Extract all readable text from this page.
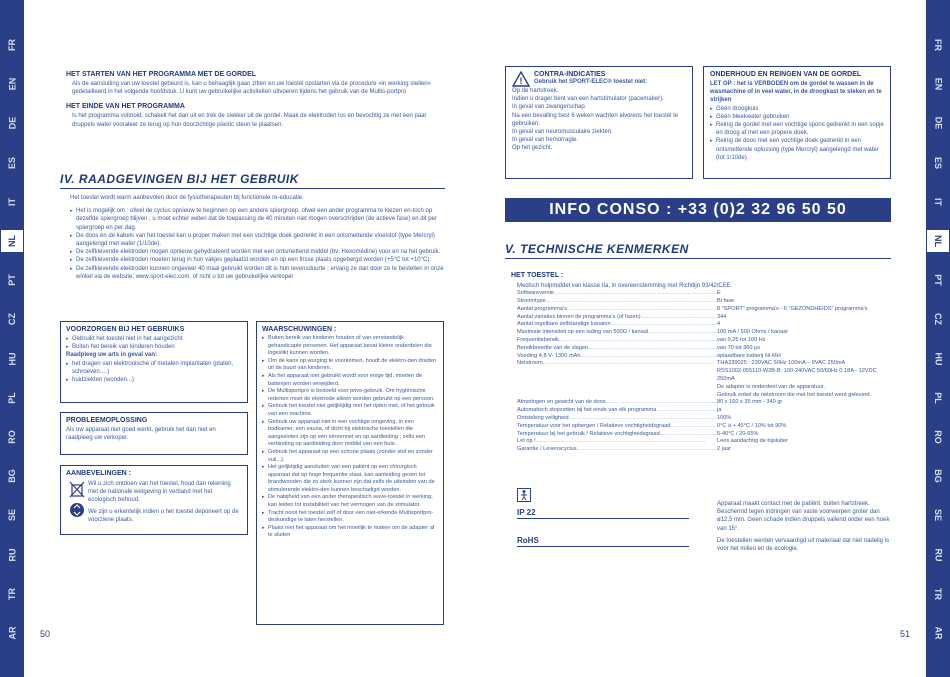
FR
EN
DE
ES
IT
NL
PT
CZ
HU
PL
RO
BG
SE
RU
TR
AR
HET STARTEN VAN HET PROGRAMMA MET DE GORDEL
Als de aansluiting van uw toestel gebeurd is, kan u behaaglijk gaan zitten en uw toestel opstarten via de procedure «in werking stellen» gedetailleerd in het volgende hoofdstuk. U kunt uw gebruikelijke activiteiten uitvoeren tijdens het gebruik van de Multis-portpro
HET EINDE VAN HET PROGRAMMA
Is het programma voltooid, schakelt het dan uit en trek de stekker uit de gordel. Maak de elektroden los en bevochtig ze met een paar druppels water vooraleer ze terug op hun doorzichtige plastic steun te plaatsen.
IV. RAADGEVINGEN BIJ HET GEBRUIK
Het toestel wordt warm aanbevolen door de fysiotherapeuten bij functionele re-educatie.
▸ Het is mogelijk om : ofwel de cyclus opnieuw te beginnen op een andere spiergroep, ofwel een ander programma te kiezen en-toch op dezelfde spiergroep blijven ; u moet echter weten dat de toepassing de 40 minuten niet mogen overschrijden (de actieve fase) en dit per spiergroep en per dag.
▸ De doos en de kabels van het toestel kan u proper maken met een vochtige doek gedrenkt in een ontsmettende vloeistof (type Mercryl) aangelengd met water (1/10de).
▸ De zelfklevende elektroden mogen opnieuw gehydrateerd worden met een ontsmettend middel (bv: Hexomédine) voor en na het gebruik.
▸ De zelfklevende elektroden moeten terug in hun vakjes geplaatst worden en op een frisse plaats opgebergd worden (+5°C tot +10°C).
▸ De zelfklevende elektroden kunnen ongeveer 40 maal gebruikt worden dit is hun levensduurte ; ervang ze dan door ze te bestellen in onze winkel via de website: www.sport-elec.com, of richt u tot uw gebruikelijke verkoper
VOORZORGEN BIJ HET GEBRUIKS
▸ Gebruikt het toestel niet in het aangezicht
▸ Buiten het bereik van kinderen houden
Raadpleeg uw arts in geval van:
▸ het dragen van elektronische of metalen implantaten (platen, schroeven….)
▸ huidziekten (wonden...)
PROBLEEMOPLOSSING
Als uw apparaat niet goed werkt, gebruik het dan niet en raadpleeg uw verkoper.
AANBEVELINGEN :
Wil u zich ontdoen van het toestel, houd dan rekening met de nationale wetgeving in verband met het ecologisch behoud.
We zijn u erkentelijk indien u het toestel deponeert op de voorziene plaats.
WAARSCHUWINGEN :
▸ Buiten bereik van kinderen houden of van verstandelijk gehandicapte personen. Het apparaat bevat kleine onderdelen die ingeslikt kunnen worden.
▸ Om de kans op wurging te voorkomen, houdt de elektro-den draden uit de buurt van kinderen.
▸ Als het apparaat niet gebruikt wordt voor enige tijd, moeten de batterijen worden verwijderd.
▸ De Multisportpro is bedoeld voor prive-gebruik. Om hygiënische redenen moet de elektrode alleen worden gebruikt op een persoon.
▸ Gebruik het toestel niet gelijktijdig met het rijden met, of het gebruik van een machine.
▸ Gebruik uw apparaat niet in een vochtige omgeving, in een badkamer, een sauna, of dicht bij elektrische toestellen die aangesloten zijn op een stroomnet en op aardleiding ; zelfs een verbinding op aardleiding door middel van een buis.
▸ Gebruik het apparaat op een schone plaats (zonder stof en zonder vuil...).
▸ Het gelijktijdig aansluiten van een patiënt op een chirurgisch apparaat dat op hoge frequentie staat, kan aanleiding geven tot brandwonden die zo sterk kunnen zijn dat zelfs de uiteinden van de stimulerende elektro-den kunnen beschadigd worden.
▸ De nabijheid van een ander therapeutisch wave-toestel in werking, kan leiden tot instabiliteit van het vermogen van de stimulator.
▸ Tracht nooit het toestel zelf of door een niet-erkende Multisportpro-deskundige te laten herstellen.
▸ Plaats niet het apparaat om het moeilijk te maken om de adapter af te sluiten
50
FR
EN
DE
ES
IT
NL
PT
CZ
HU
PL
RO
BG
SE
RU
TR
AR
!
CONTRA-INDICATIES
Gebruik het SPORT-ELEC® toestel niet:
Op de hartstreek.
Indien u drager bent van een hartstimulator (pacemaker).
In geval van zwangerschap.
Na een bevalling best 6 weken wachten alvorens het toestel te gebruiken.
In geval van neuromusculaire ziekten.
In geval van hemorragie.
Op het gezicht.
ONDERHOUD EN REINGEN VAN DE GORDEL
LET OP : het is VERBODEN om de gordel te wassen in de wasmachine of in veel water, in de droogkast te steken en te strijken
▸ Géén droogkuis
▸ Géén bleekwater gebruiken
▸ Reinig de gordel met een vochtige spons gedrenkt in een sopje en droog af met een propere doek.
▸ Reinig de doos met een vochtige doek gedrenkt in een ontsmettende oplossing (type Mercryl) aangelengd met water (tot 1/10de).
INFO CONSO : +33 (0)2 32 96 50 50
V. TECHNISCHE KENMERKEN
HET TOESTEL :
Medisch hulpmiddel van klasse IIa, in overeenstemming met Richtlijn 93/42/CEE.
Softwareversie .....	E
Stroomtype .....	Bi fase
Aantal programma's .....	8 "SPORT" programma's - 6 "GEZONDHEIDS" programma's
Aantal variaties binnen de programma's (of fazen) .....	344
Aantal regelbare zelfstandige kanalen .....	4
Maximale intensiteit op een lading van 500Ω / kanaal .....	100 mA / 500 Ohms / kanaal
Frequentiebereik .....	van 0,25 tot 160 Hz
Bereikbreedte van de slagen .....	van 70 tot 360 µs
Voeding 4,8 V- 1300 mAh .....	oplaadbare batterij Ni-MH
Netstroom .....	THA239025 : 230VAC 50Hz 100mA – 9VAC 250mA
RSS1002-055110-W2B-B: 100-240VAC 50/60Hz 0.18A - 12VDC 250mA
De adapter is onderdeel van de apparatuur.
Gebruik enkel de netstroom die met het toestel werd geleverd.
Afmetingen en gewicht van de doos .....	80 x 160 x 35 mm - 340 gr
Automatisch stopzetten bij het einde van elk programma .....	ja
Ontsteking veiligheid .....	100%
Temperatuur voor het opbergen / Relatieve vochtigheidsgraad .....	0°C à + 45°C / 10% tot 90%
Temperatuur bij het gebruik / Relatieve vochtigheidsgraad .....	5-40°C / 20-65%
Let op ! .....	Lees aandachtig de bijsluiter
Garantie / Levenscyclus .....	2 jaar
IP 22
Apparaat maakt contact met de patiënt, buiten hartstreek. Beschermd tegen indringen van vaste voorwerpen groter dan ø12,5 mm. Geen schade indien druppels vallend onder een hoek van 15°.
RoHS	De toestellen werden vervaardigd uit materiaal dat niet nadelig is voor het milieu en de ecologie.
51
